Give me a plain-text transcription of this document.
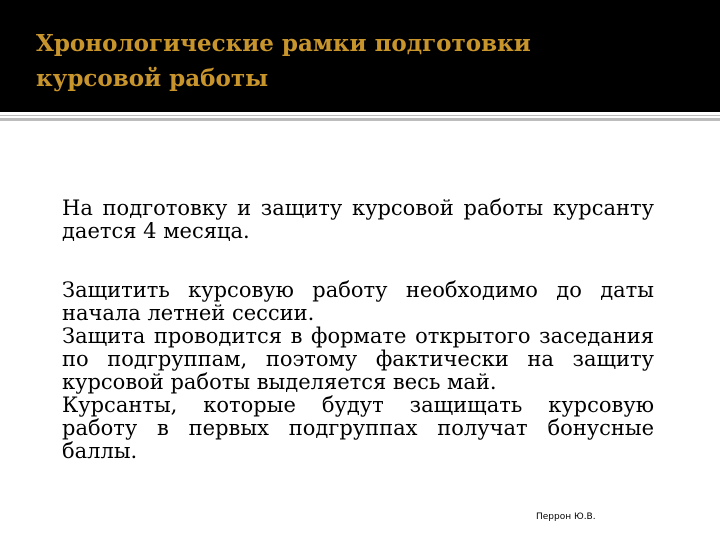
Хронологические рамки подготовки
курсовой работы

На подготовку и защиту курсовой работы курсанту дается 4 месяца.

Защитить курсовую работу необходимо до даты начала летней сессии.

Защита проводится в формате открытого заседания по подгруппам, поэтому фактически на защиту курсовой работы выделяется весь май.

Курсанты, которые будут защищать курсовую работу в первых подгруппах получат бонусные баллы.

Перрон Ю.В.
